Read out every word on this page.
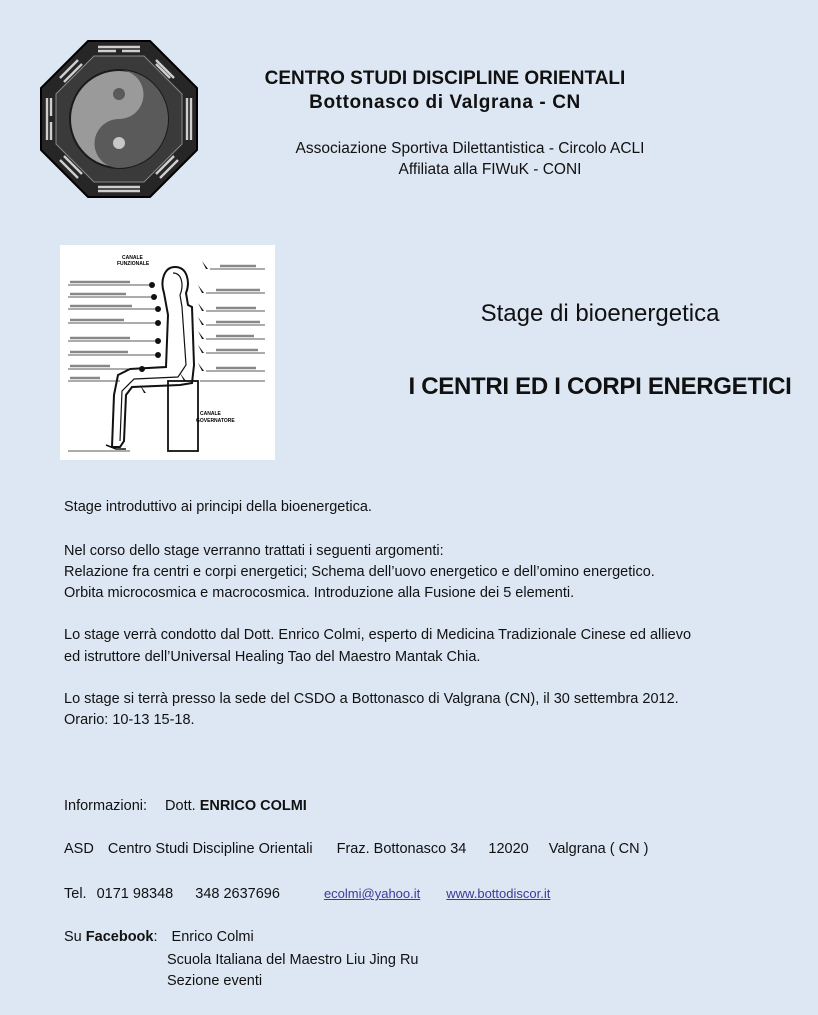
CENTRO STUDI DISCIPLINE ORIENTALI
Bottonasco di Valgrana - CN
Associazione Sportiva Dilettantistica - Circolo ACLI
Affiliata alla FIWuK - CONI
CANALE
FUNZIONALE
CANALE
GOVERNATORE
Stage di bioenergetica
I CENTRI ED I CORPI ENERGETICI
Stage introduttivo ai principi della bioenergetica.
Nel corso dello stage verranno trattati i seguenti argomenti:
Relazione fra centri e corpi energetici; Schema dell’uovo energetico e dell’omino energetico.
Orbita microcosmica e macrocosmica. Introduzione alla Fusione dei 5 elementi.
Lo stage verrà condotto dal Dott. Enrico Colmi, esperto di Medicina Tradizionale Cinese ed allievo
ed istruttore dell’Universal Healing Tao del Maestro Mantak Chia.
Lo stage si terrà presso la sede del CSDO a Bottonasco di Valgrana (CN), il 30 settembra 2012.
Orario: 10-13 15-18.
Informazioni: Dott. ENRICO COLMI
ASD Centro Studi Discipline Orientali Fraz. Bottonasco 34 12020 Valgrana ( CN )
Tel. 0171 98348 348 2637696	ecolmi@yahoo.it www.bottodiscor.it
Su Facebook: Enrico Colmi
Scuola Italiana del Maestro Liu Jing Ru
Sezione eventi
